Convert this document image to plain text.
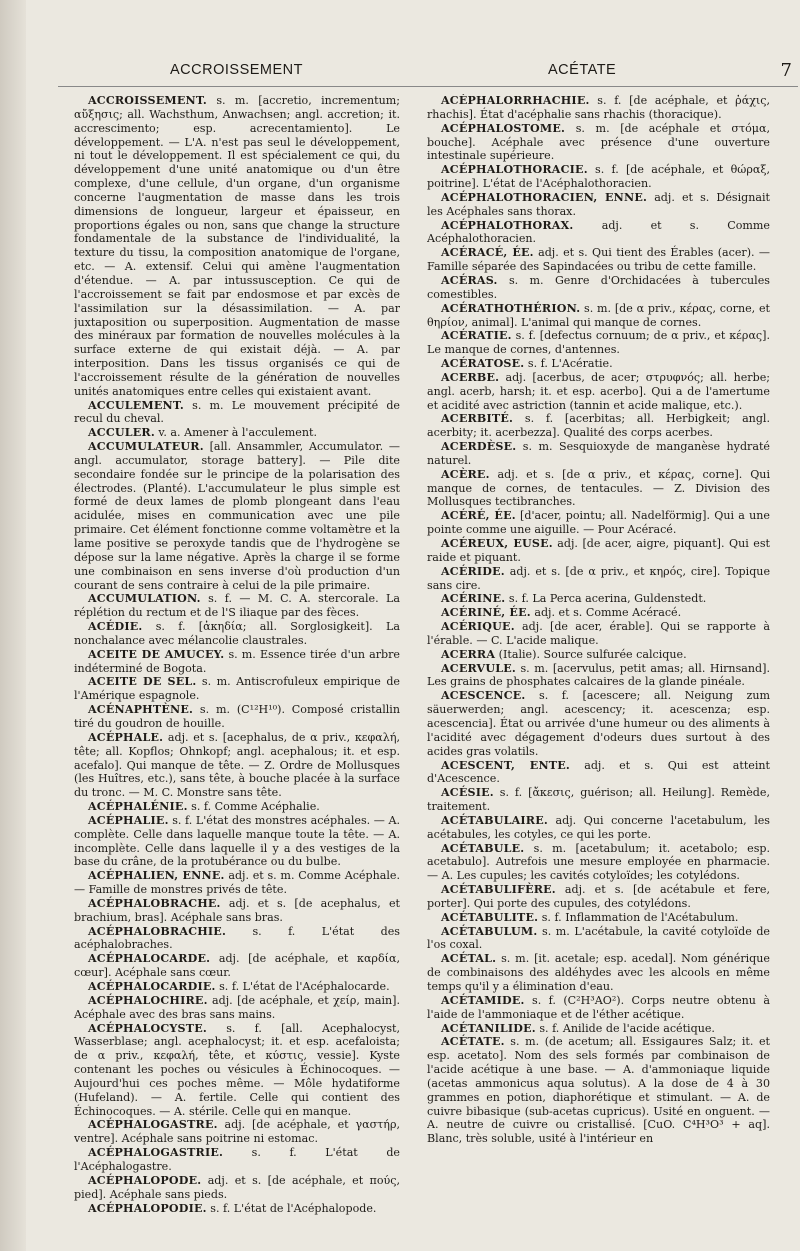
ACCROISSEMENT	ACÉTATE	7

ACCROISSEMENT. s. m. [accretio, incrementum; αὔξησις; all. Wachsthum, Anwachsen; angl. accretion; it. accrescimento; esp. acrecentamiento]. Le développement. — L'A. n'est pas seul le développement, ni tout le développement. Il est spécialement ce qui, du développement d'une unité anatomique ou d'un être complexe, d'une cellule, d'un organe, d'un organisme concerne l'augmentation de masse dans les trois dimensions de longueur, largeur et épaisseur, en proportions égales ou non, sans que change la structure fondamentale de la substance de l'individualité, la texture du tissu, la composition anatomique de l'organe, etc. — A. extensif. Celui qui amène l'augmentation d'étendue. — A. par intussusception. Ce qui de l'accroissement se fait par endosmose et par excès de l'assimilation sur la désassimilation. — A. par juxtaposition ou superposition. Augmentation de masse des minéraux par formation de nouvelles molécules à la surface externe de qui existait déjà. — A. par interposition. Dans les tissus organisés ce qui de l'accroissement résulte de la génération de nouvelles unités anatomiques entre celles qui existaient avant.

ACCULEMENT. s. m. Le mouvement précipité de recul du cheval.

ACCULER. v. a. Amener à l'acculement.

ACCUMULATEUR. [all. Ansammler, Accumulator. — angl. accumulator, storage battery]. — Pile dite secondaire fondée sur le principe de la polarisation des électrodes. (Planté). L'accumulateur le plus simple est formé de deux lames de plomb plongeant dans l'eau acidulée, mises en communication avec une pile primaire. Cet élément fonctionne comme voltamètre et la lame positive se peroxyde tandis que de l'hydrogène se dépose sur la lame négative. Après la charge il se forme une combinaison en sens inverse d'où production d'un courant de sens contraire à celui de la pile primaire.

ACCUMULATION. s. f. — M. C. A. stercorale. La réplétion du rectum et de l'S iliaque par des fèces.

ACÉDIE. s. f. [ἀκηδία; all. Sorglosigkeit]. La nonchalance avec mélancolie claustrales.

ACEITE DE AMUCEY. s. m. Essence tirée d'un arbre indéterminé de Bogota.

ACEITE DE SEL. s. m. Antiscrofuleux empirique de l'Amérique espagnole.

ACÉNAPHTÈNE. s. m. (C¹²H¹⁰). Composé cristallin tiré du goudron de houille.

ACÉPHALE. adj. et s. [acephalus, de α priv., κεφαλή, tête; all. Kopflos; Ohnkopf; angl. acephalous; it. et esp. acefalo]. Qui manque de tête. — Z. Ordre de Mollusques (les Huîtres, etc.), sans tête, à bouche placée à la surface du tronc. — M. C. Monstre sans tête.

ACÉPHALÉNIE. s. f. Comme Acéphalie.

ACÉPHALIE. s. f. L'état des monstres acéphales. — A. complète. Celle dans laquelle manque toute la tête. — A. incomplète. Celle dans laquelle il y a des vestiges de la base du crâne, de la protubérance ou du bulbe.

ACÉPHALIEN, ENNE. adj. et s. m. Comme Acéphale. — Famille de monstres privés de tête.

ACÉPHALOBRACHE. adj. et s. [de acephalus, et brachium, bras]. Acéphale sans bras.

ACÉPHALOBRACHIE. s. f. L'état des acéphalobraches.

ACÉPHALOCARDE. adj. [de acéphale, et καρδία, cœur]. Acéphale sans cœur.

ACÉPHALOCARDIE. s. f. L'état de l'Acéphalocarde.

ACÉPHALOCHIRE. adj. [de acéphale, et χείρ, main]. Acéphale avec des bras sans mains.

ACÉPHALOCYSTE. s. f. [all. Acephalocyst, Wasserblase; angl. acephalocyst; it. et esp. acefaloista; de α priv., κεφαλή, tête, et κύστις, vessie]. Kyste contenant les poches ou vésicules à Échinocoques. — Aujourd'hui ces poches même. — Môle hydatiforme (Hufeland). — A. fertile. Celle qui contient des Échinocoques. — A. stérile. Celle qui en manque.

ACÉPHALOGASTRE. adj. [de acéphale, et γαστήρ, ventre]. Acéphale sans poitrine ni estomac.

ACÉPHALOGASTRIE.	s. f. L'état de l'Acéphalogastre.

ACÉPHALOPODE. adj. et s. [de acéphale, et πούς, pied]. Acéphale sans pieds.

ACÉPHALOPODIE. s. f. L'état de l'Acéphalopode.

ACÉPHALORRHACHIE. s. f. [de acéphale, et ῥάχις, rhachis]. État d'acéphalie sans rhachis (thoracique).

ACÉPHALOSTOME. s. m. [de acéphale et στόμα, bouche]. Acéphale avec présence d'une ouverture intestinale supérieure.

ACÉPHALOTHORACIE. s. f. [de acéphale, et θώραξ, poitrine]. L'état de l'Acéphalothoracien.

ACÉPHALOTHORACIEN, ENNE. adj. et s. Désignait les Acéphales sans thorax.

ACÉPHALOTHORAX.	adj. et s. Comme Acéphalothoracien.

ACÉRACÉ, ÉE. adj. et s. Qui tient des Érables (acer). — Famille séparée des Sapindacées ou tribu de cette famille.

ACÉRAS. s. m. Genre d'Orchidacées à tubercules comestibles.

ACÉRATHOTHÉRION. s. m. [de α priv., κέρας, corne, et θηρίον, animal]. L'animal qui manque de cornes.

ACÉRATIE. s. f. [defectus cornuum; de α priv., et κέρας]. Le manque de cornes, d'antennes.

ACÉRATOSE. s. f. L'Acératie.

ACERBE. adj. [acerbus, de acer; στρυφνός; all. herbe; angl. acerb, harsh; it. et esp. acerbo]. Qui a de l'amertume et acidité avec astriction (tannin et acide malique, etc.).

ACERBITÉ. s. f. [acerbitas; all. Herbigkeit; angl. acerbity; it. acerbezza]. Qualité des corps acerbes.

ACERDÈSE. s. m. Sesquioxyde de manganèse hydraté naturel.

ACÈRE. adj. et s. [de α priv., et κέρας, corne]. Qui manque de cornes, de tentacules. — Z. Division des Mollusques tectibranches.

ACÉRÉ, ÉE. [d'acer, pointu; all. Nadelförmig]. Qui a une pointe comme une aiguille. — Pour Acéracé.

ACÉREUX, EUSE. adj. [de acer, aigre, piquant]. Qui est raide et piquant.

ACÉRIDE. adj. et s. [de α priv., et κηρός, cire]. Topique sans cire.

ACÉRINE. s. f. La Perca acerina, Guldenstedt.

ACÉRINÉ, ÉE. adj. et s. Comme Acéracé.

ACÉRIQUE. adj. [de acer, érable]. Qui se rapporte à l'érable. — C. L'acide malique.

ACERRA (Italie). Source sulfurée calcique.

ACERVULE. s. m. [acervulus, petit amas; all. Hirnsand]. Les grains de phosphates calcaires de la glande pinéale.

ACESCENCE. s. f. [acescere; all. Neigung zum säuerwerden; angl. acescency; it. acescenza; esp. acescencia]. État ou arrivée d'une humeur ou des aliments à l'acidité avec dégagement d'odeurs dues surtout à des acides gras volatils.

ACESCENT, ENTE. adj. et s. Qui est atteint d'Acescence.

ACÉSIE. s. f. [ἄκεσις, guérison; all. Heilung]. Remède, traitement.

ACÉTABULAIRE. adj. Qui concerne l'acetabulum, les acétabules, les cotyles, ce qui les porte.

ACÉTABULE. s. m. [acetabulum; it. acetabolo; esp. acetabulo]. Autrefois une mesure employée en pharmacie. — A. Les cupules; les cavités cotyloïdes; les cotylédons.

ACÉTABULIFÈRE. adj. et s. [de acétabule et fere, porter]. Qui porte des cupules, des cotylédons.

ACÉTABULITE. s. f. Inflammation de l'Acétabulum.

ACÉTABULUM. s. m. L'acétabule, la cavité cotyloïde de l'os coxal.

ACÉTAL. s. m. [it. acetale; esp. acedal]. Nom générique de combinaisons des aldéhydes avec les alcools en même temps qu'il y a élimination d'eau.

ACÉTAMIDE. s. f. (C²H³AO²). Corps neutre obtenu à l'aide de l'ammoniaque et de l'éther acétique.

ACÉTANILIDE. s. f. Anilide de l'acide acétique.

ACÉTATE. s. m. (de acetum; all. Essigaures Salz; it. et esp. acetato]. Nom des sels formés par combinaison de l'acide acétique à une base. — A. d'ammoniaque liquide (acetas ammonicus aqua solutus). A la dose de 4 à 30 grammes en potion, diaphorétique et stimulant. — A. de cuivre bibasique (sub-acetas cupricus). Usité en onguent. — A. neutre de cuivre ou cristallisé. [CuO. C⁴H³O³ + aq]. Blanc, très soluble, usité à l'intérieur en
